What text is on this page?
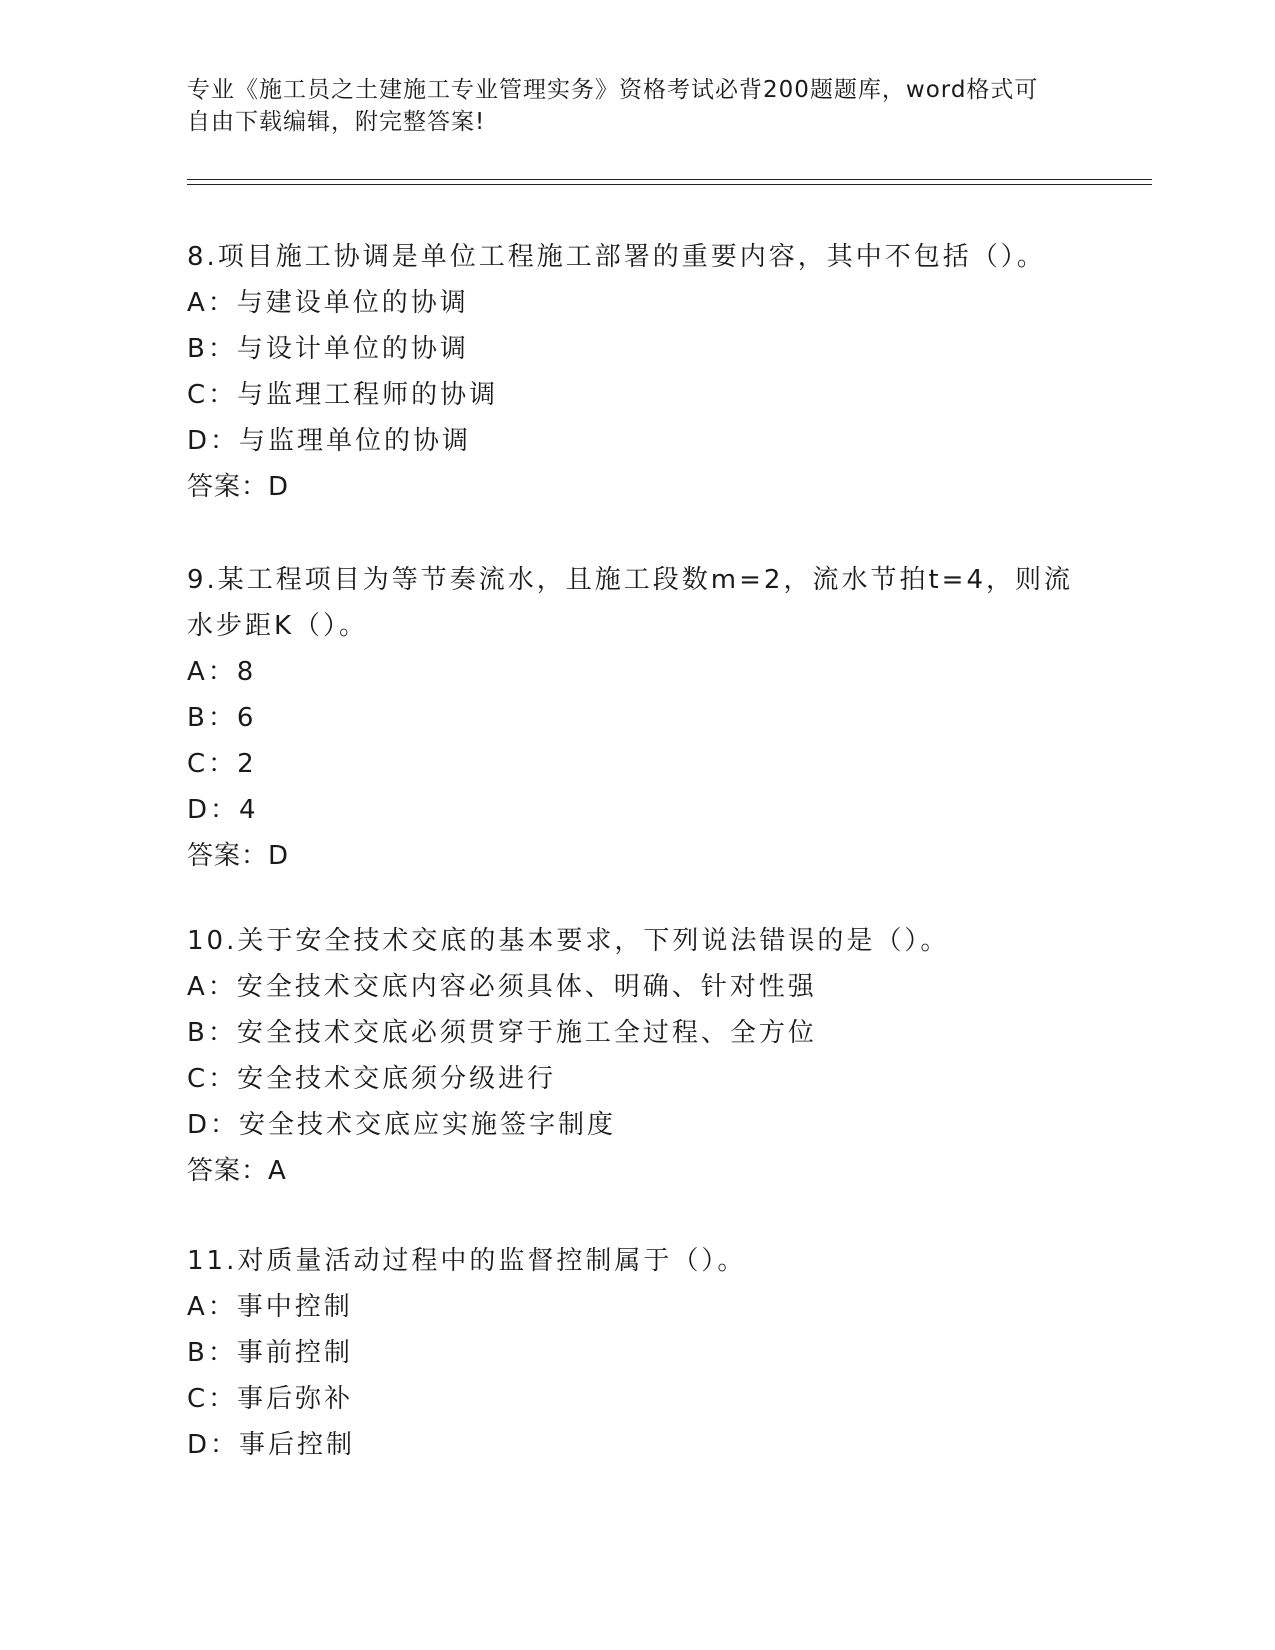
专业《施工员之土建施工专业管理实务》资格考试必背200题题库，word格式可
自由下载编辑，附完整答案!
8.项目施工协调是单位工程施工部署的重要内容，其中不包括（）。
A：与建设单位的协调
B：与设计单位的协调
C：与监理工程师的协调
D：与监理单位的协调
答案：D
9.某工程项目为等节奏流水，且施工段数m=2，流水节拍t=4，则流水步距K（）。
A：8
B：6
C：2
D：4
答案：D
10.关于安全技术交底的基本要求，下列说法错误的是（）。
A：安全技术交底内容必须具体、明确、针对性强
B：安全技术交底必须贯穿于施工全过程、全方位
C：安全技术交底须分级进行
D：安全技术交底应实施签字制度
答案：A
11.对质量活动过程中的监督控制属于（）。
A：事中控制
B：事前控制
C：事后弥补
D：事后控制
